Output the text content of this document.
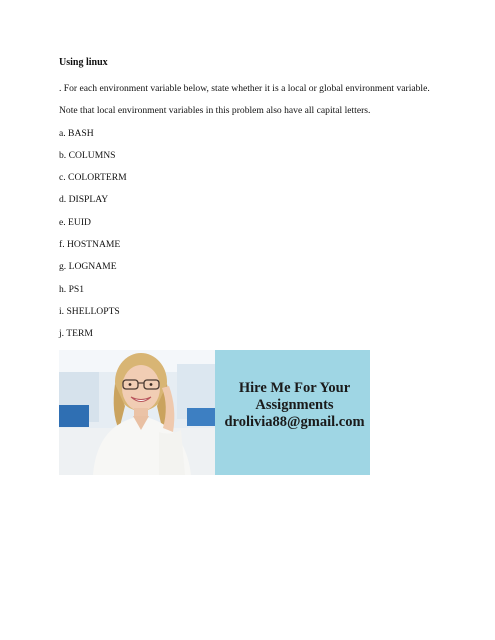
Using linux
. For each environment variable below, state whether it is a local or global environment variable.
Note that local environment variables in this problem also have all capital letters.
a. BASH
b. COLUMNS
c. COLORTERM
d. DISPLAY
e. EUID
f. HOSTNAME
g. LOGNAME
h. PS1
i. SHELLOPTS
j. TERM
Hire Me For Your
Assignments
drolivia88@gmail.com
